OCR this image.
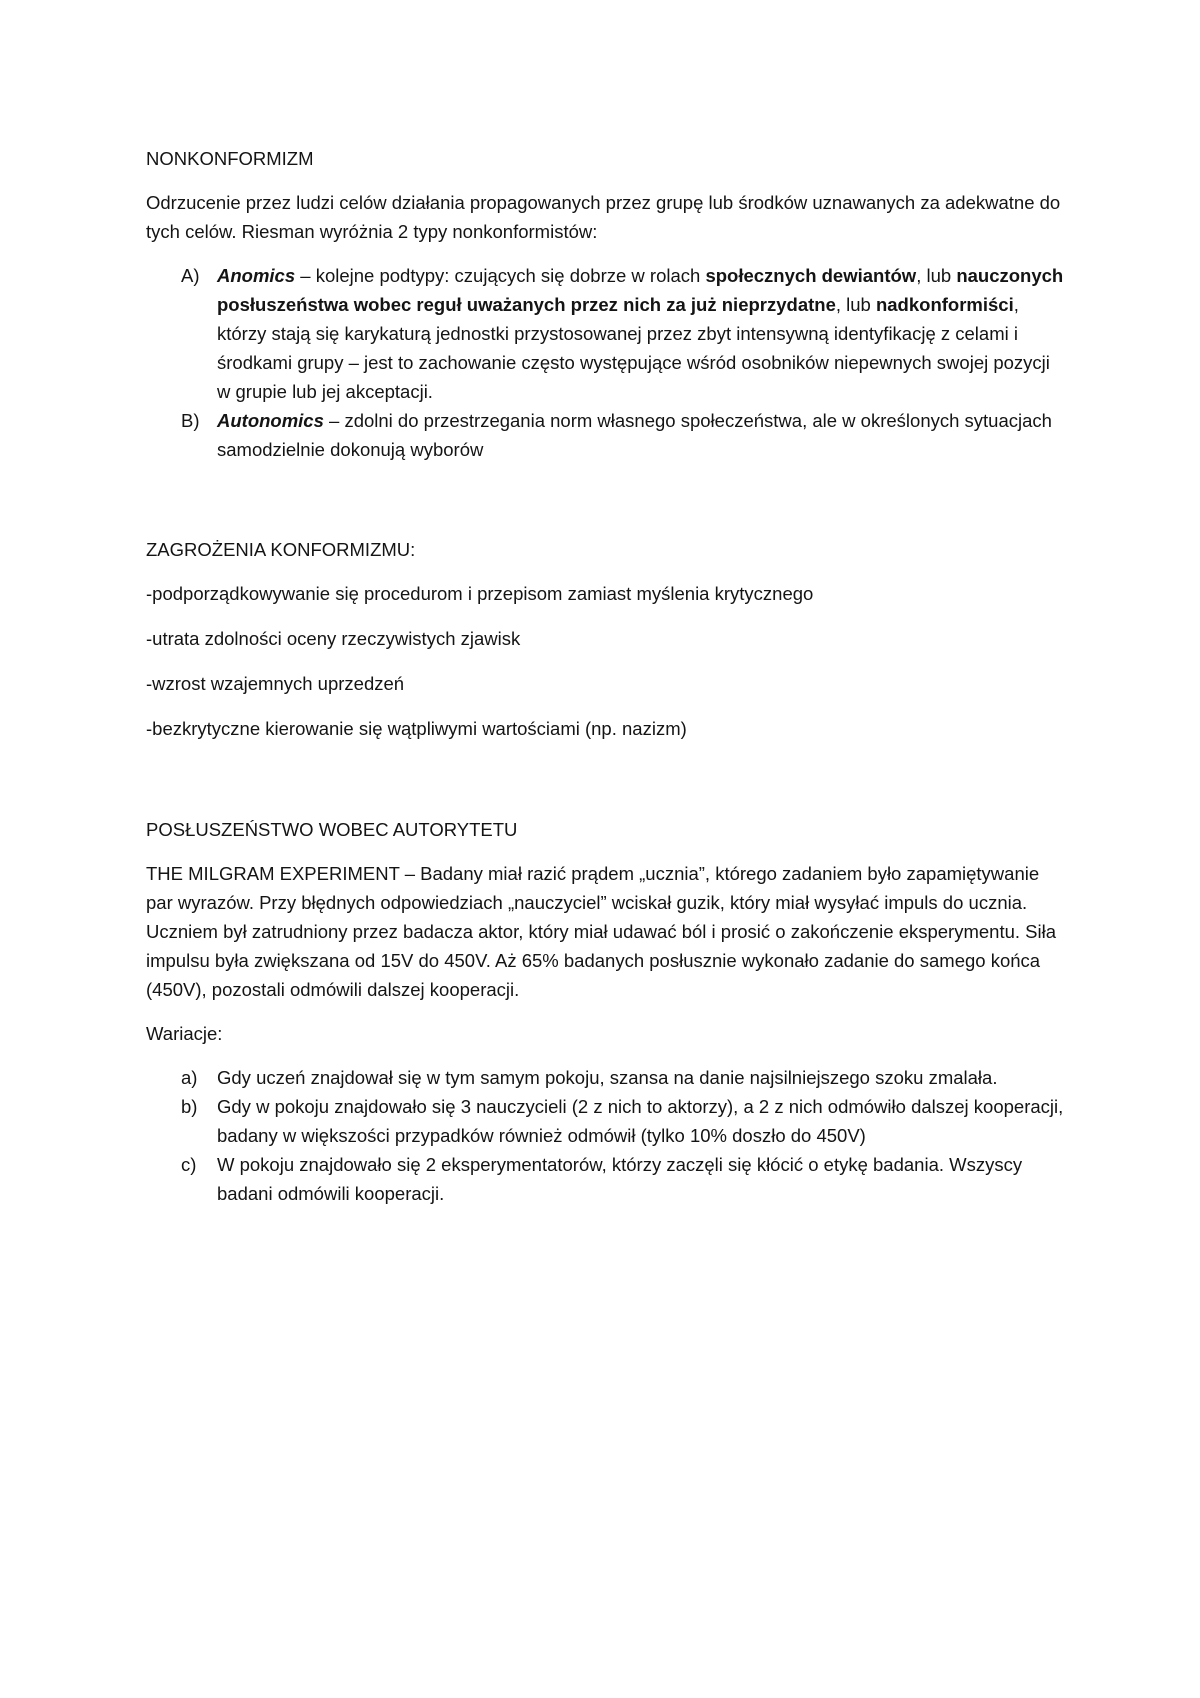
NONKONFORMIZM

Odrzucenie przez ludzi celów działania propagowanych przez grupę lub środków uznawanych za adekwatne do tych celów. Riesman wyróżnia 2 typy nonkonformistów:

A) Anomics – kolejne podtypy: czujących się dobrze w rolach społecznych dewiantów, lub nauczonych posłuszeństwa wobec reguł uważanych przez nich za już nieprzydatne, lub nadkonformiści, którzy stają się karykaturą jednostki przystosowanej przez zbyt intensywną identyfikację z celami i środkami grupy – jest to zachowanie często występujące wśród osobników niepewnych swojej pozycji w grupie lub jej akceptacji.
B) Autonomics – zdolni do przestrzegania norm własnego społeczeństwa, ale w określonych sytuacjach samodzielnie dokonują wyborów
ZAGROŻENIA KONFORMIZMU:
-podporządkowywanie się procedurom i przepisom zamiast myślenia krytycznego
-utrata zdolności oceny rzeczywistych zjawisk
-wzrost wzajemnych uprzedzeń
-bezkrytyczne kierowanie się wątpliwymi wartościami (np. nazizm)
POSŁUSZEŃSTWO WOBEC AUTORYTETU

THE MILGRAM EXPERIMENT – Badany miał razić prądem „ucznia”, którego zadaniem było zapamiętywanie par wyrazów. Przy błędnych odpowiedziach „nauczyciel” wciskał guzik, który miał wysyłać impuls do ucznia. Uczniem był zatrudniony przez badacza aktor, który miał udawać ból i prosić o zakończenie eksperymentu. Siła impulsu była zwiększana od 15V do 450V. Aż 65% badanych posłusznie wykonało zadanie do samego końca (450V), pozostali odmówili dalszej kooperacji.

Wariacje:

a) Gdy uczeń znajdował się w tym samym pokoju, szansa na danie najsilniejszego szoku zmalała.
b) Gdy w pokoju znajdowało się 3 nauczycieli (2 z nich to aktorzy), a 2 z nich odmówiło dalszej kooperacji, badany w większości przypadków również odmówił (tylko 10% doszło do 450V)
c) W pokoju znajdowało się 2 eksperymentatorów, którzy zaczęli się kłócić o etykę badania. Wszyscy badani odmówili kooperacji.
